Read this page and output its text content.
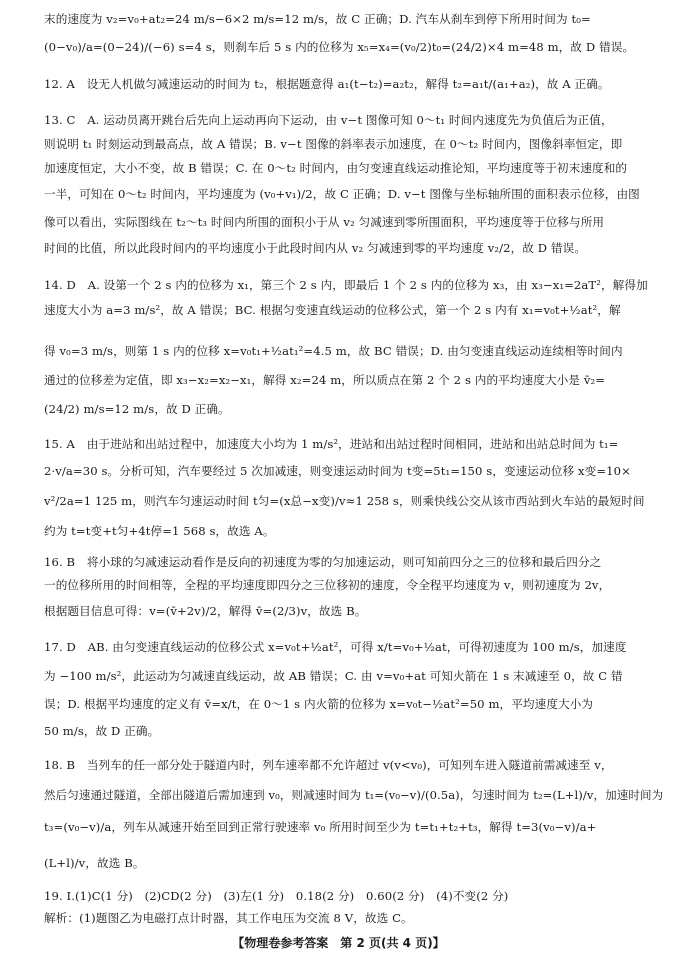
末的速度为 v₂=v₀+at₂=24 m/s−6×2 m/s=12 m/s，故 C 正确；D. 汽车从刹车到停下所用时间为 t₀=
(0−v₀)/a=(0−24)/(−6) s=4 s，则刹车后 5 s 内的位移为 x₅=x₄=(v₀/2)t₀=(24/2)×4 m=48 m，故 D 错误。
12. A　设无人机做匀减速运动的时间为 t₂，根据题意得 a₁(t−t₂)=a₂t₂，解得 t₂=a₁t/(a₁+a₂)，故 A 正确。
13. C　A. 运动员离开跳台后先向上运动再向下运动，由 v−t 图像可知 0～t₁ 时间内速度先为负值后为正值，
则说明 t₁ 时刻运动到最高点，故 A 错误；B. v−t 图像的斜率表示加速度，在 0～t₂ 时间内，图像斜率恒定，即
加速度恒定，大小不变，故 B 错误；C. 在 0～t₂ 时间内，由匀变速直线运动推论知，平均速度等于初末速度和的
一半，可知在 0～t₂ 时间内，平均速度为 (v₀+v₁)/2，故 C 正确；D. v−t 图像与坐标轴所围的面积表示位移，由图
像可以看出，实际图线在 t₂～t₃ 时间内所围的面积小于从 v₂ 匀减速到零所围面积，平均速度等于位移与所用
时间的比值，所以此段时间内的平均速度小于此段时间内从 v₂ 匀减速到零的平均速度 v₂/2，故 D 错误。
14. D　A. 设第一个 2 s 内的位移为 x₁，第三个 2 s 内，即最后 1 个 2 s 内的位移为 x₃，由 x₃−x₁=2aT²，解得加
速度大小为 a=3 m/s²，故 A 错误；BC. 根据匀变速直线运动的位移公式，第一个 2 s 内有 x₁=v₀t+½at²，解
得 v₀=3 m/s，则第 1 s 内的位移 x=v₀t₁+½at₁²=4.5 m，故 BC 错误；D. 由匀变速直线运动连续相等时间内
通过的位移差为定值，即 x₃−x₂=x₂−x₁，解得 x₂=24 m，所以质点在第 2 个 2 s 内的平均速度大小是 v̄₂=
(24/2) m/s=12 m/s，故 D 正确。
15. A　由于进站和出站过程中，加速度大小均为 1 m/s²，进站和出站过程时间相同，进站和出站总时间为 t₁=
2·v/a=30 s。分析可知，汽车要经过 5 次加减速，则变速运动时间为 t变=5t₁=150 s，变速运动位移 x变=10×
v²/2a=1 125 m，则汽车匀速运动时间 t匀=(x总−x变)/v≈1 258 s，则乘快线公交从该市西站到火车站的最短时间
约为 t=t变+t匀+4t停=1 568 s，故选 A。
16. B　将小球的匀减速运动看作是反向的初速度为零的匀加速运动，则可知前四分之三的位移和最后四分之
一的位移所用的时间相等，全程的平均速度即四分之三位移初的速度，令全程平均速度为 v，则初速度为 2v，
根据题目信息可得：v=(v̄+2v)/2，解得 v̄=(2/3)v，故选 B。
17. D　AB. 由匀变速直线运动的位移公式 x=v₀t+½at²，可得 x/t=v₀+½at，可得初速度为 100 m/s，加速度
为 −100 m/s²，此运动为匀减速直线运动，故 AB 错误；C. 由 v=v₀+at 可知火箭在 1 s 末减速至 0，故 C 错
误；D. 根据平均速度的定义有 v̄=x/t，在 0～1 s 内火箭的位移为 x=v₀t−½at²=50 m，平均速度大小为
50 m/s，故 D 正确。
18. B　当列车的任一部分处于隧道内时，列车速率都不允许超过 v(v<v₀)，可知列车进入隧道前需减速至 v，
然后匀速通过隧道，全部出隧道后需加速到 v₀，则减速时间为 t₁=(v₀−v)/(0.5a)，匀速时间为 t₂=(L+l)/v，加速时间为
t₃=(v₀−v)/a，列车从减速开始至回到正常行驶速率 v₀ 所用时间至少为 t=t₁+t₂+t₃，解得 t=3(v₀−v)/a+
(L+l)/v，故选 B。
19. Ⅰ.(1)C(1 分)　(2)CD(2 分)　(3)左(1 分)　0.18(2 分)　0.60(2 分)　(4)不变(2 分)
解析：(1)题图乙为电磁打点计时器，其工作电压为交流 8 V，故选 C。
【物理卷参考答案　第 2 页(共 4 页)】
